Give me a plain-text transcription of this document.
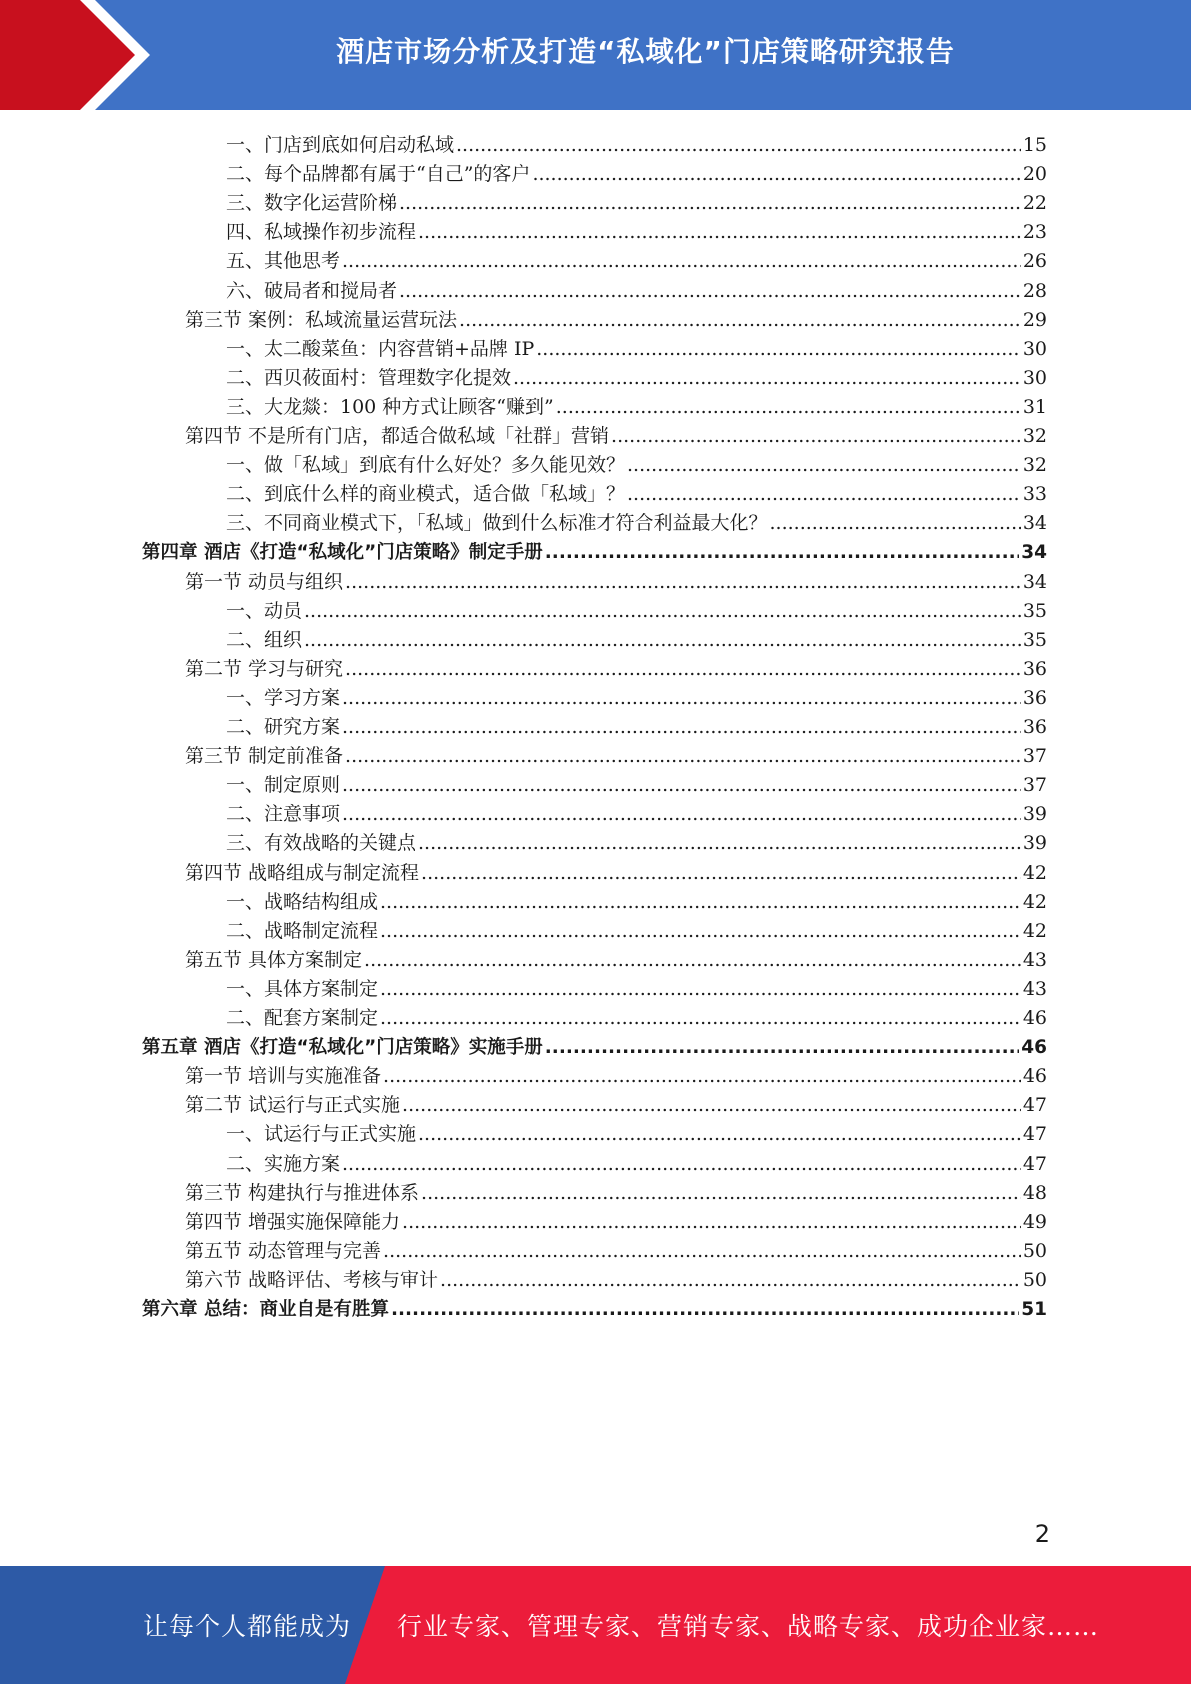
酒店市场分析及打造“私域化”门店策略研究报告
一、门店到底如何启动私域 .....	15
二、每个品牌都有属于“自己”的客户 .....	20
三、数字化运营阶梯 .....	22
四、私域操作初步流程 .....	23
五、其他思考 .....	26
六、破局者和搅局者 .....	28
第三节 案例：私域流量运营玩法 .....	29
一、太二酸菜鱼：内容营销+品牌 IP .....	30
二、西贝莜面村：管理数字化提效 .....	30
三、大龙燚：100 种方式让顾客“赚到” .....	31
第四节 不是所有门店，都适合做私域「社群」营销 .....	32
一、做「私域」到底有什么好处？多久能见效？ .....	32
二、到底什么样的商业模式，适合做「私域」？ .....	33
三、不同商业模式下，「私域」做到什么标准才符合利益最大化？ .....	34
第四章 酒店《打造“私域化”门店策略》制定手册 .....	34
第一节 动员与组织 .....	34
一、动员 .....	35
二、组织 .....	35
第二节 学习与研究 .....	36
一、学习方案 .....	36
二、研究方案 .....	36
第三节 制定前准备 .....	37
一、制定原则 .....	37
二、注意事项 .....	39
三、有效战略的关键点 .....	39
第四节 战略组成与制定流程 .....	42
一、战略结构组成 .....	42
二、战略制定流程 .....	42
第五节 具体方案制定 .....	43
一、具体方案制定 .....	43
二、配套方案制定 .....	46
第五章 酒店《打造“私域化”门店策略》实施手册 .....	46
第一节 培训与实施准备 .....	46
第二节 试运行与正式实施 .....	47
一、试运行与正式实施 .....	47
二、实施方案 .....	47
第三节 构建执行与推进体系 .....	48
第四节 增强实施保障能力 .....	49
第五节 动态管理与完善 .....	50
第六节 战略评估、考核与审计 .....	50
第六章 总结：商业自是有胜算 .....	51
2
让每个人都能成为 行业专家、管理专家、营销专家、战略专家、成功企业家……
